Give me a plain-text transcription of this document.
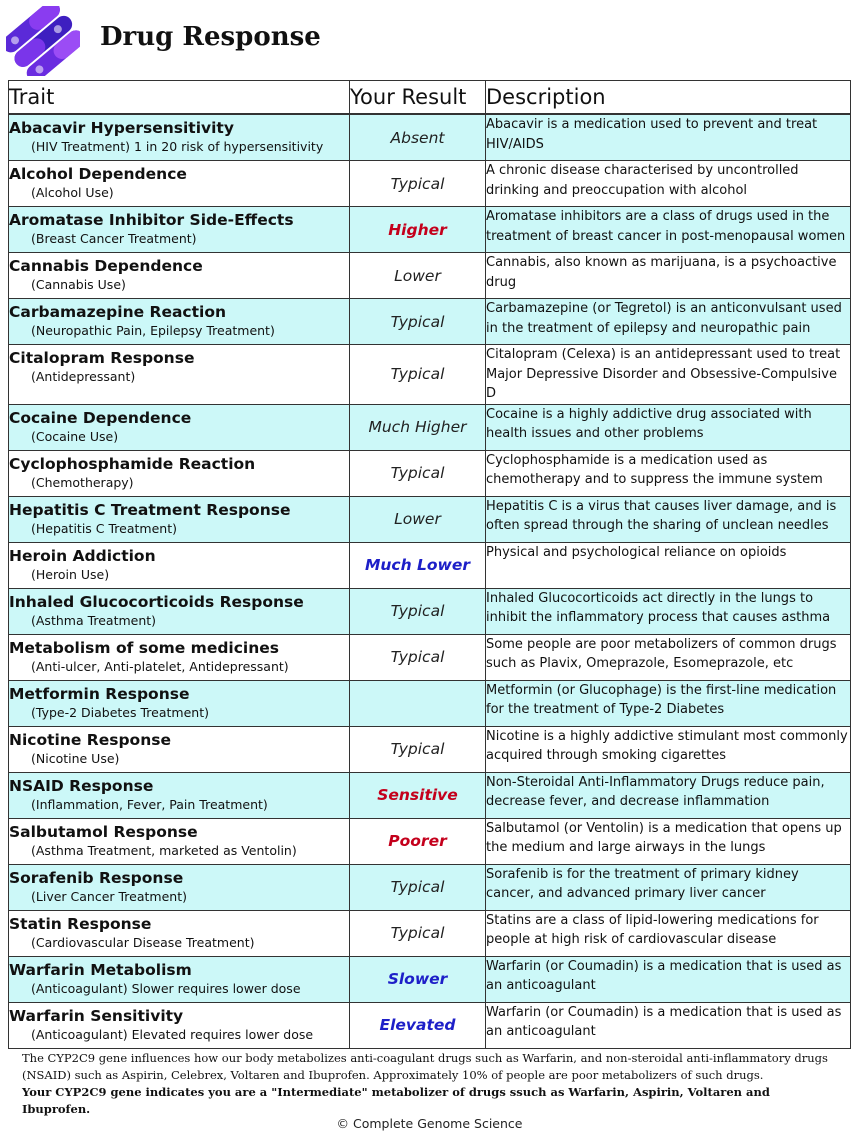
Drug Response
Trait	Your Result	Description

Abacavir Hypersensitivity
(HIV Treatment) 1 in 20 risk of hypersensitivity	Absent	Abacavir is a medication used to prevent and treat HIV/AIDS

Alcohol Dependence
(Alcohol Use)	Typical	A chronic disease characterised by uncontrolled drinking and preoccupation with alcohol

Aromatase Inhibitor Side-Effects
(Breast Cancer Treatment)	Higher	Aromatase inhibitors are a class of drugs used in the treatment of breast cancer in post-menopausal women

Cannabis Dependence
(Cannabis Use)	Lower	Cannabis, also known as marijuana, is a psychoactive drug

Carbamazepine Reaction
(Neuropathic Pain, Epilepsy Treatment)	Typical	Carbamazepine (or Tegretol) is an anticonvulsant used in the treatment of epilepsy and neuropathic pain

Citalopram Response
(Antidepressant)	Typical	Citalopram (Celexa) is an antidepressant used to treat Major Depressive Disorder and Obsessive-Compulsive D

Cocaine Dependence
(Cocaine Use)	Much Higher	Cocaine is a highly addictive drug associated with health issues and other problems

Cyclophosphamide Reaction
(Chemotherapy)	Typical	Cyclophosphamide is a medication used as chemotherapy and to suppress the immune system

Hepatitis C Treatment Response
(Hepatitis C Treatment)	Lower	Hepatitis C is a virus that causes liver damage, and is often spread through the sharing of unclean needles

Heroin Addiction
(Heroin Use)	Much Lower	Physical and psychological reliance on opioids

Inhaled Glucocorticoids Response
(Asthma Treatment)	Typical	Inhaled Glucocorticoids act directly in the lungs to inhibit the inflammatory process that causes asthma

Metabolism of some medicines
(Anti-ulcer, Anti-platelet, Antidepressant)	Typical	Some people are poor metabolizers of common drugs such as Plavix, Omeprazole, Esomeprazole, etc

Metformin Response
(Type-2 Diabetes Treatment)		Metformin (or Glucophage) is the first-line medication for the treatment of Type-2 Diabetes

Nicotine Response
(Nicotine Use)	Typical	Nicotine is a highly addictive stimulant most commonly acquired through smoking cigarettes

NSAID Response
(Inflammation, Fever, Pain Treatment)	Sensitive	Non-Steroidal Anti-Inflammatory Drugs reduce pain, decrease fever, and decrease inflammation

Salbutamol Response
(Asthma Treatment, marketed as Ventolin)	Poorer	Salbutamol (or Ventolin) is a medication that opens up the medium and large airways in the lungs

Sorafenib Response
(Liver Cancer Treatment)	Typical	Sorafenib is for the treatment of primary kidney cancer, and advanced primary liver cancer

Statin Response
(Cardiovascular Disease Treatment)	Typical	Statins are a class of lipid-lowering medications for people at high risk of cardiovascular disease

Warfarin Metabolism
(Anticoagulant) Slower requires lower dose	Slower	Warfarin (or Coumadin) is a medication that is used as an anticoagulant

Warfarin Sensitivity
(Anticoagulant) Elevated requires lower dose	Elevated	Warfarin (or Coumadin) is a medication that is used as an anticoagulant
The CYP2C9 gene influences how our body metabolizes anti-coagulant drugs such as Warfarin, and non-steroidal anti-inflammatory drugs (NSAID) such as Aspirin, Celebrex, Voltaren and Ibuprofen. Approximately 10% of people are poor metabolizers of such drugs.
Your CYP2C9 gene indicates you are a "Intermediate" metabolizer of drugs ssuch as Warfarin, Aspirin, Voltaren and Ibuprofen.
© Complete Genome Science
